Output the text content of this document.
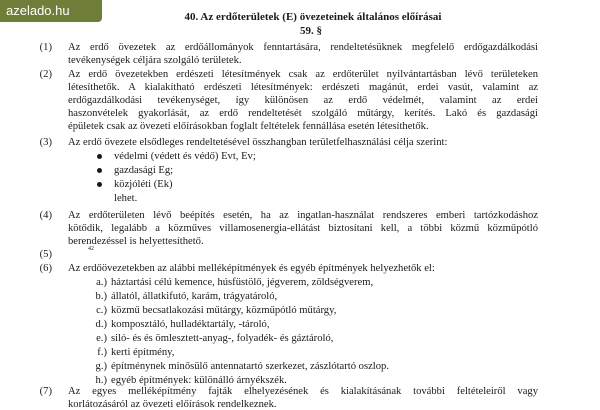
azelado.hu	40. Az erdőterületek (E) övezeteinek általános előírásai
59. §
(1)	Az erdő övezetek az erdőállományok fenntartására, rendeltetésüknek megfelelő erdőgazdálkodási
tevékenységek céljára szolgáló területek.
(2)	Az erdő övezetekben erdészeti létesítmények csak az erdőterület nyilvántartásban lévő területeken
létesíthetők. A kialakítható erdészeti létesítmények: erdészeti magánút, erdei vasút, valamint az
erdőgazdálkodási tevékenységet, így különösen az erdő védelmét, valamint az erdei
haszonvételek gyakorlását, az erdő rendeltetését szolgáló műtárgy, kerítés. Lakó és gazdasági
épületek csak az övezeti előírásokban foglalt feltételek fennállása esetén létesíthetők.
(3)	Az erdő övezete elsődleges rendeltetésével összhangban területfelhasználási célja szerint:
védelmi (védett és védő) Evt, Ev;
gazdasági Eg;
közjóléti (Ek)
lehet.
(4)	Az erdőterületen lévő beépítés esetén, ha az ingatlan-használat rendszeres emberi tartózkodáshoz
kötődik, legalább a közműves villamosenergia-ellátást biztosítani kell, a többi közmű közműpótló
berendezéssel is helyettesíthető.
(5)	42
(6)	Az erdőövezetekben az alábbi melléképítmények és egyéb építmények helyezhetők el:
a.) háztartási célú kemence, húsfüstölő, jégverem, zöldségverem,
b.) állatól, állatkifutó, karám, trágyatároló,
c.) közmű becsatlakozási műtárgy, közműpótló műtárgy,
d.) komposztáló, hulladéktartály, -tároló,
e.) siló- és és ömlesztett-anyag-, folyadék- és gáztároló,
f.) kerti építmény,
g.) építménynek minősülő antennatartó szerkezet, zászlótartó oszlop.
h.) egyéb építmények: különálló árnyékszék.
(7)	Az egyes melléképítmény fajták elhelyezésének és kialakításának további feltételeiről vagy
korlátozásáról az övezeti előírások rendelkeznek.
